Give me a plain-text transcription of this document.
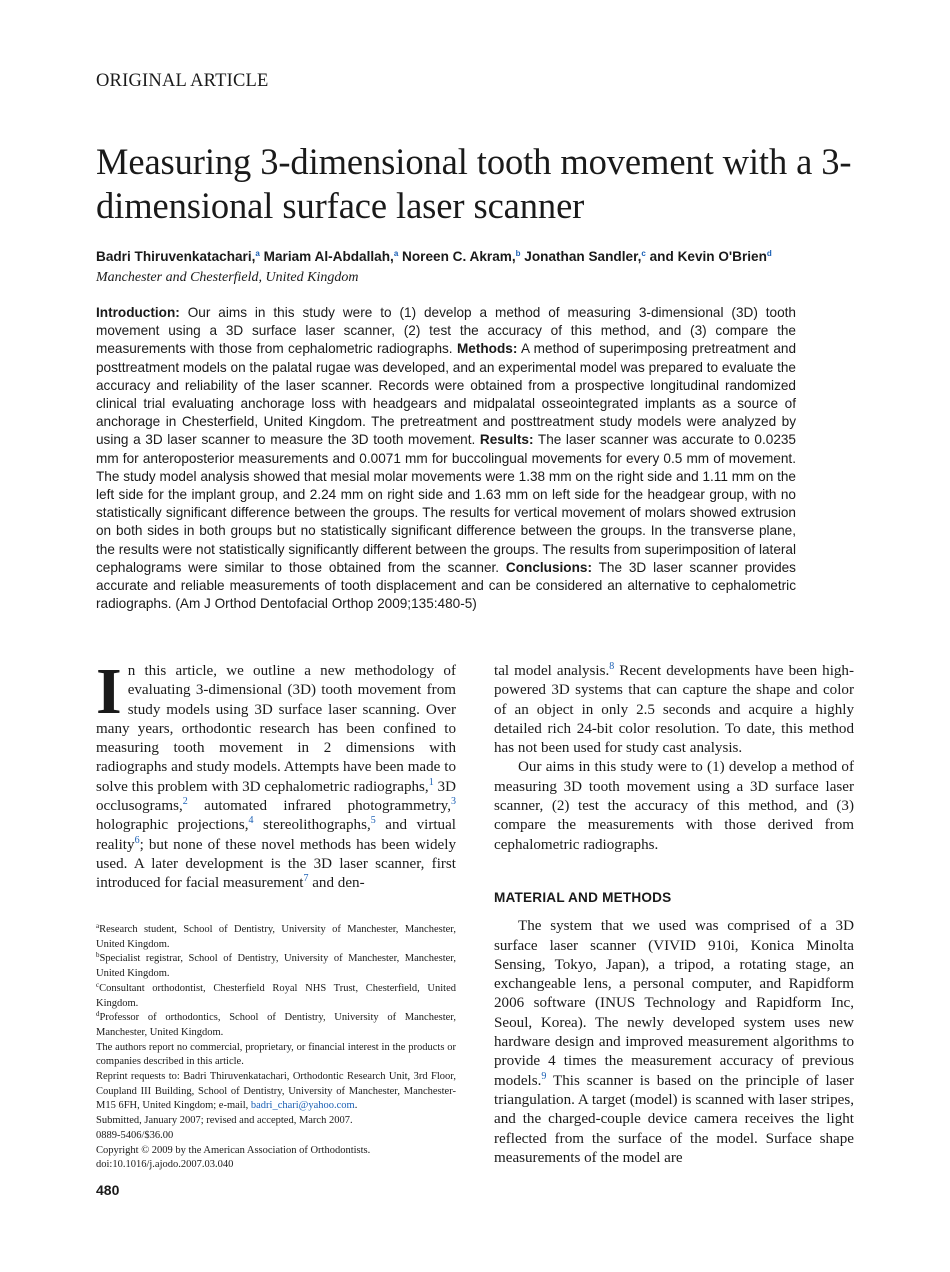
ORIGINAL ARTICLE
Measuring 3-dimensional tooth movement with a 3-dimensional surface laser scanner
Badri Thiruvenkatachari,$^a$ Mariam Al-Abdallah,$^a$ Noreen C. Akram,$^b$ Jonathan Sandler,$^c$ and Kevin O'Brien$^d$
Manchester and Chesterfield, United Kingdom

Introduction: Our aims in this study were to (1) develop a method of measuring 3-dimensional (3D) tooth movement using a 3D surface laser scanner, (2) test the accuracy of this method, and (3) compare the measurements with those from cephalometric radiographs. Methods: A method of superimposing pretreatment and posttreatment models on the palatal rugae was developed, and an experimental model was prepared to evaluate the accuracy and reliability of the laser scanner. Records were obtained from a prospective longitudinal randomized clinical trial evaluating anchorage loss with headgears and midpalatal osseointegrated implants as a source of anchorage in Chesterfield, United Kingdom. The pretreatment and posttreatment study models were analyzed by using a 3D laser scanner to measure the 3D tooth movement. Results: The laser scanner was accurate to 0.0235 mm for anteroposterior measurements and 0.0071 mm for buccolingual movements for every 0.5 mm of movement. The study model analysis showed that mesial molar movements were 1.38 mm on the right side and 1.11 mm on the left side for the implant group, and 2.24 mm on right side and 1.63 mm on left side for the headgear group, with no statistically significant difference between the groups. The results for vertical movement of molars showed extrusion on both sides in both groups but no statistically significant difference between the groups. In the transverse plane, the results were not statistically significantly different between the groups. The results from superimposition of lateral cephalograms were similar to those obtained from the scanner. Conclusions: The 3D laser scanner provides accurate and reliable measurements of tooth displacement and can be considered an alternative to cephalometric radiographs. (Am J Orthod Dentofacial Orthop 2009;135:480-5)

In this article, we outline a new methodology of evaluating 3-dimensional (3D) tooth movement from study models using 3D surface laser scanning. Over many years, orthodontic research has been confined to measuring tooth movement in 2 dimensions with radiographs and study models. Attempts have been made to solve this problem with 3D cephalometric radiographs,$^1$ 3D occlusograms,$^2$ automated infrared photogrammetry,$^3$ holographic projections,$^4$ stereolithographs,$^5$ and virtual reality$^6$; but none of these novel methods has been widely used. A later development is the 3D laser scanner, first introduced for facial measurement$^7$ and den-

tal model analysis.$^8$ Recent developments have been high-powered 3D systems that can capture the shape and color of an object in only 2.5 seconds and acquire a highly detailed rich 24-bit color resolution. To date, this method has not been used for study cast analysis.

Our aims in this study were to (1) develop a method of measuring 3D tooth movement using a 3D surface laser scanner, (2) test the accuracy of this method, and (3) compare the measurements with those derived from cephalometric radiographs.

MATERIAL AND METHODS

The system that we used was comprised of a 3D surface laser scanner (VIVID 910i, Konica Minolta Sensing, Tokyo, Japan), a tripod, a rotating stage, an exchangeable lens, a personal computer, and Rapidform 2006 software (INUS Technology and Rapidform Inc, Seoul, Korea). The newly developed system uses new hardware design and improved measurement algorithms to provide 4 times the measurement accuracy of previous models.$^9$ This scanner is based on the principle of laser triangulation. A target (model) is scanned with laser stripes, and the charged-couple device camera receives the light reflected from the surface of the model. Surface shape measurements of the model are

$^a$Research student, School of Dentistry, University of Manchester, Manchester, United Kingdom.
$^b$Specialist registrar, School of Dentistry, University of Manchester, Manchester, United Kingdom.
$^c$Consultant orthodontist, Chesterfield Royal NHS Trust, Chesterfield, United Kingdom.
$^d$Professor of orthodontics, School of Dentistry, University of Manchester, Manchester, United Kingdom.
The authors report no commercial, proprietary, or financial interest in the products or companies described in this article.
Reprint requests to: Badri Thiruvenkatachari, Orthodontic Research Unit, 3rd Floor, Coupland III Building, School of Dentistry, University of Manchester, Manchester-M15 6FH, United Kingdom; e-mail, badri_chari@yahoo.com.
Submitted, January 2007; revised and accepted, March 2007.
0889-5406/$36.00
Copyright © 2009 by the American Association of Orthodontists.
doi:10.1016/j.ajodo.2007.03.040
480
